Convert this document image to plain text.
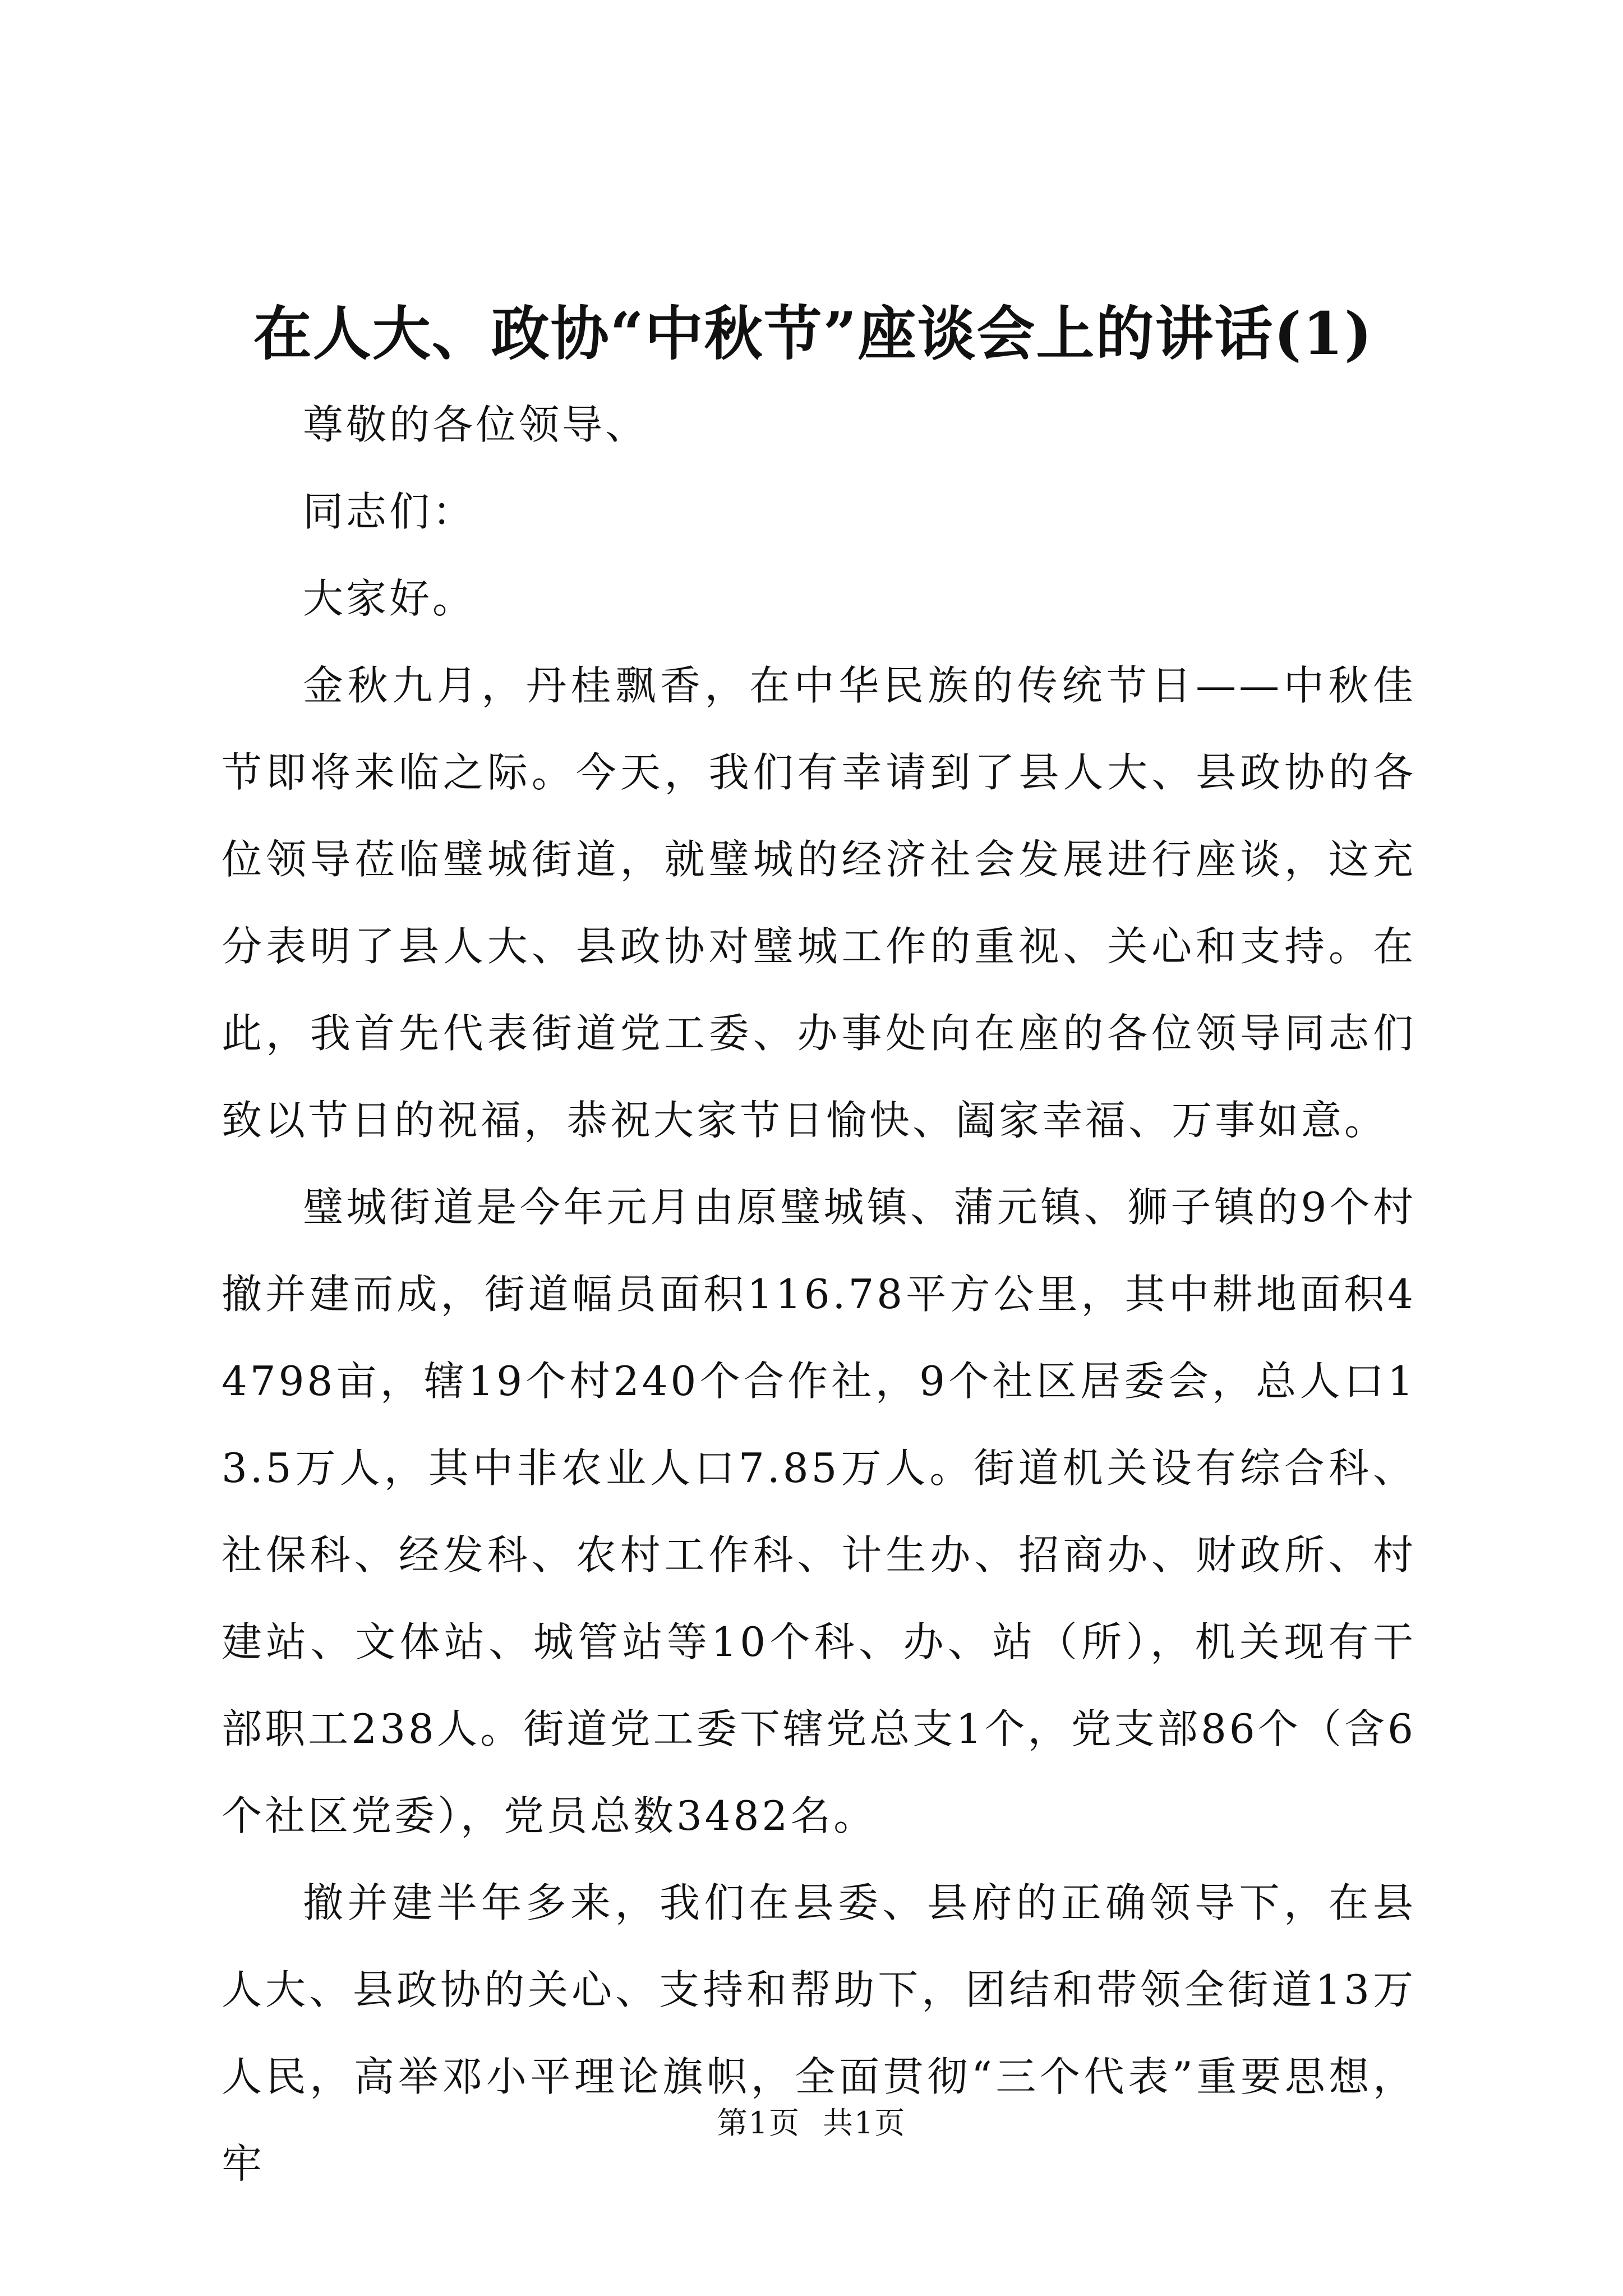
在人大、政协“中秋节”座谈会上的讲话(1)

尊敬的各位领导、

同志们：

大家好。

金秋九月，丹桂飘香，在中华民族的传统节日——中秋佳节即将来临之际。今天，我们有幸请到了县人大、县政协的各位领导莅临璧城街道，就璧城的经济社会发展进行座谈，这充分表明了县人大、县政协对璧城工作的重视、关心和支持。在此，我首先代表街道党工委、办事处向在座的各位领导同志们致以节日的祝福，恭祝大家节日愉快、阖家幸福、万事如意。

璧城街道是今年元月由原璧城镇、蒲元镇、狮子镇的9个村撤并建而成，街道幅员面积116.78平方公里，其中耕地面积44798亩，辖19个村240个合作社，9个社区居委会，总人口13.5万人，其中非农业人口7.85万人。街道机关设有综合科、社保科、经发科、农村工作科、计生办、招商办、财政所、村建站、文体站、城管站等10个科、办、站（所），机关现有干部职工238人。街道党工委下辖党总支1个，党支部86个（含6个社区党委），党员总数3482名。

撤并建半年多来，我们在县委、县府的正确领导下，在县人大、县政协的关心、支持和帮助下，团结和带领全街道13万人民，高举邓小平理论旗帜，全面贯彻“三个代表”重要思想，牢

第1页 共1页
